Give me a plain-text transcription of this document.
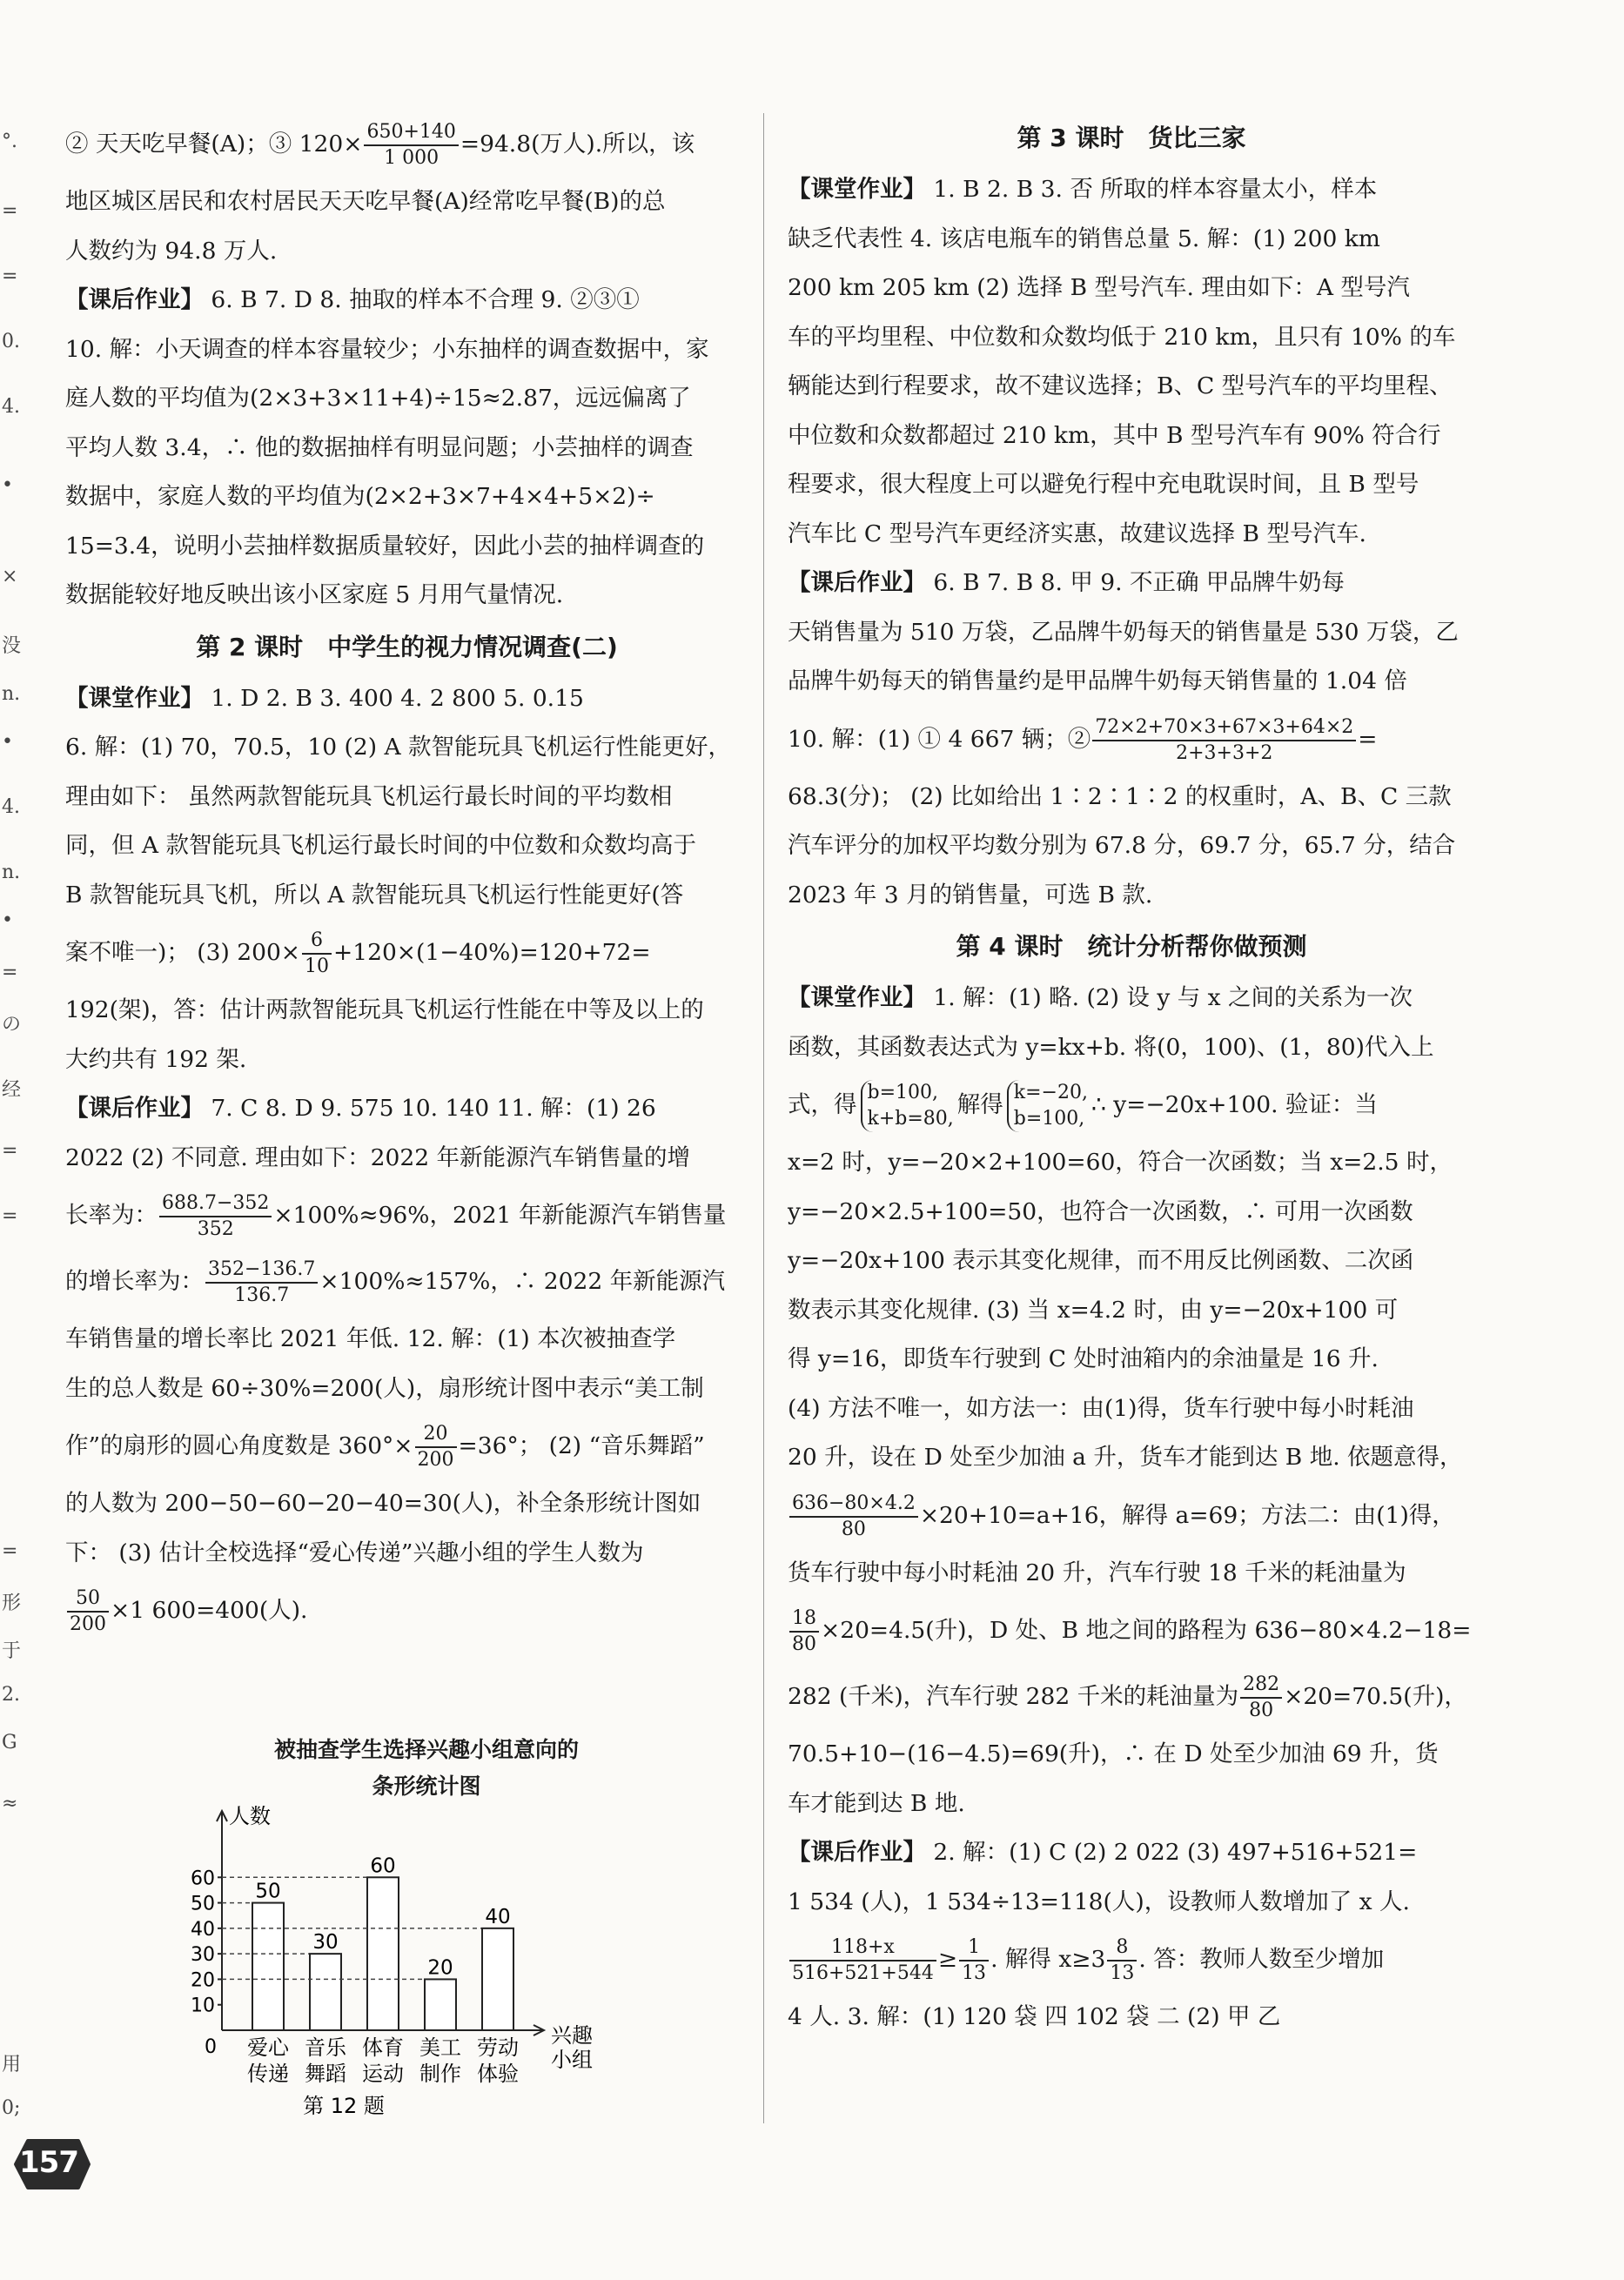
°.
=
=
0.
4.
•
×
没
n.
•
4.
n.
•
=
の
经
=
=
=
形
于
2.
G
≈
用
0;
② 天天吃早餐(A)；③ $120\times \frac{650+140}{1 000} =94.8$(万人).所以，该
地区城区居民和农村居民天天吃早餐(A)经常吃早餐(B)的总
人数约为 94.8 万人.
【课后作业】 6. B 7. D 8. 抽取的样本不合理 9. ②③①
10. 解：小天调查的样本容量较少；小东抽样的调查数据中，家
庭人数的平均值为(2×3+3×11+4)÷15≈2.87，远远偏离了
平均人数 3.4，∴ 他的数据抽样有明显问题；小芸抽样的调查
数据中，家庭人数的平均值为(2×2+3×7+4×4+5×2)÷
15=3.4，说明小芸抽样数据质量较好，因此小芸的抽样调查的
数据能较好地反映出该小区家庭 5 月用气量情况.
第 2 课时　中学生的视力情况调查(二)
【课堂作业】 1. D 2. B 3. 400 4. 2 800 5. 0.15
6. 解：(1) 70，70.5，10 (2) A 款智能玩具飞机运行性能更好，
理由如下： 虽然两款智能玩具飞机运行最长时间的平均数相
同，但 A 款智能玩具飞机运行最长时间的中位数和众数均高于
B 款智能玩具飞机，所以 A 款智能玩具飞机运行性能更好(答
案不唯一)； (3) $200\times \frac{6}{10} +120\times(1-40\%)=120+72=$
192(架)，答：估计两款智能玩具飞机运行性能在中等及以上的
大约共有 192 架.
【课后作业】 7. C 8. D 9. 575 10. 140 11. 解：(1) 26
2022 (2) 不同意. 理由如下：2022 年新能源汽车销售量的增
长率为： $\frac{688.7-352}{352} \times 100\%\approx 96\%$，2021 年新能源汽车销售量
的增长率为： $\frac{352-136.7}{136.7} \times 100\%\approx 157\%$，∴ 2022 年新能源汽
车销售量的增长率比 2021 年低. 12. 解：(1) 本次被抽查学
生的总人数是 60÷30%=200(人)，扇形统计图中表示“美工制
作”的扇形的圆心角度数是 $360^\circ\times \frac{20}{200} =36^\circ$； (2) “音乐舞蹈”
的人数为 200−50−60−20−40=30(人)，补全条形统计图如
下： (3) 估计全校选择“爱心传递”兴趣小组的学生人数为
$\frac{50}{200} \times 1$ 600=400(人).
被抽查学生选择兴趣小组意向的
条形统计图
人数
兴趣
小组
0
10
20
30
40
50
60
50
爱心
传递
30
音乐
舞蹈
60
体育
运动
20
美工
制作
40
劳动
体验
第 12 题
第 3 课时　货比三家
【课堂作业】 1. B 2. B 3. 否 所取的样本容量太小，样本
缺乏代表性 4. 该店电瓶车的销售总量 5. 解：(1) 200 km
200 km 205 km (2) 选择 B 型号汽车. 理由如下：A 型号汽
车的平均里程、中位数和众数均低于 210 km，且只有 10% 的车
辆能达到行程要求，故不建议选择；B、C 型号汽车的平均里程、
中位数和众数都超过 210 km，其中 B 型号汽车有 90% 符合行
程要求，很大程度上可以避免行程中充电耽误时间，且 B 型号
汽车比 C 型号汽车更经济实惠，故建议选择 B 型号汽车.
【课后作业】 6. B 7. B 8. 甲 9. 不正确 甲品牌牛奶每
天销售量为 510 万袋，乙品牌牛奶每天的销售量是 530 万袋，乙
品牌牛奶每天的销售量约是甲品牌牛奶每天销售量的 1.04 倍
10. 解：(1) ① 4 667 辆；② $\frac{72\times 2+70\times 3+67\times 3+64\times 2}{2+3+3+2}$ =
68.3(分)； (2) 比如给出 1∶2∶1∶2 的权重时，A、B、C 三款
汽车评分的加权平均数分别为 67.8 分，69.7 分，65.7 分，结合
2023 年 3 月的销售量，可选 B 款.
第 4 课时　统计分析帮你做预测
【课堂作业】 1. 解：(1) 略. (2) 设 y 与 x 之间的关系为一次
函数，其函数表达式为 y=kx+b. 将(0，100)、(1，80)代入上
式，得 b=100,
k+b=80,
解得 k=−20,
b=100,
∴ y=−20x+100. 验证：当
x=2 时，y=−20×2+100=60，符合一次函数；当 x=2.5 时，
y=−20×2.5+100=50，也符合一次函数，∴ 可用一次函数
y=−20x+100 表示其变化规律，而不用反比例函数、二次函
数表示其变化规律. (3) 当 x=4.2 时，由 y=−20x+100 可
得 y=16，即货车行驶到 C 处时油箱内的余油量是 16 升.
(4) 方法不唯一，如方法一：由(1)得，货车行驶中每小时耗油
20 升，设在 D 处至少加油 a 升，货车才能到达 B 地. 依题意得，
$\frac{636-80\times 4.2}{80} \times 20+10=a+16$，解得 a=69；方法二：由(1)得，
货车行驶中每小时耗油 20 升，汽车行驶 18 千米的耗油量为
$\frac{18}{80} \times 20=4.5$(升)，D 处、B 地之间的路程为 636−80×4.2−18=
282 (千米)，汽车行驶 282 千米的耗油量为 $\frac{282}{80} \times 20=70.5$(升)，
70.5+10−(16−4.5)=69(升)，∴ 在 D 处至少加油 69 升，货
车才能到达 B 地.
【课后作业】 2. 解：(1) C (2) 2 022 (3) 497+516+521=
1 534 (人)，1 534÷13=118(人)，设教师人数增加了 x 人.
$\frac{118+x}{516+521+544} \ge \frac{1}{13}$ . 解得 $x\ge 3 \frac{8}{13}$ . 答：教师人数至少增加
4 人. 3. 解：(1) 120 袋 四 102 袋 二 (2) 甲 乙
157
